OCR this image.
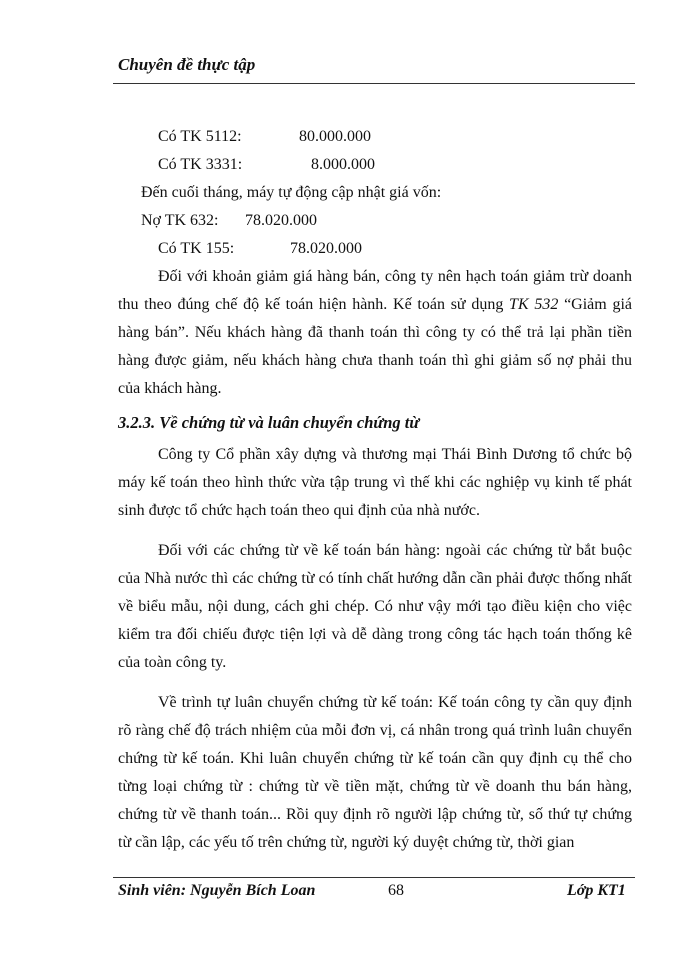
Chuyên đề thực tập
Có TK 5112:	80.000.000
Có TK 3331:	8.000.000
Đến cuối tháng, máy tự động cập nhật giá vốn:
Nợ TK 632: 78.020.000
Có TK 155:	78.020.000

Đối với khoản giảm giá hàng bán, công ty nên hạch toán giảm trừ doanh thu theo đúng chế độ kế toán hiện hành. Kế toán sử dụng TK 532 “Giảm giá hàng bán”. Nếu khách hàng đã thanh toán thì công ty có thể trả lại phần tiền hàng được giảm, nếu khách hàng chưa thanh toán thì ghi giảm số nợ phải thu của khách hàng.

3.2.3. Về chứng từ và luân chuyển chứng từ

Công ty Cổ phần xây dựng và thương mại Thái Bình Dương tổ chức bộ máy kế toán theo hình thức vừa tập trung vì thế khi các nghiệp vụ kinh tế phát sinh được tổ chức hạch toán theo qui định của nhà nước.

Đối với các chứng từ về kế toán bán hàng: ngoài các chứng từ bắt buộc của Nhà nước thì các chứng từ có tính chất hướng dẫn cần phải được thống nhất về biểu mẫu, nội dung, cách ghi chép. Có như vậy mới tạo điều kiện cho việc kiểm tra đối chiếu được tiện lợi và dễ dàng trong công tác hạch toán thống kê của toàn công ty.

Về trình tự luân chuyển chứng từ kế toán: Kế toán công ty cần quy định rõ ràng chế độ trách nhiệm của mỗi đơn vị, cá nhân trong quá trình luân chuyển chứng từ kế toán. Khi luân chuyển chứng từ kế toán cần quy định cụ thể cho từng loại chứng từ : chứng từ về tiền mặt, chứng từ về doanh thu bán hàng, chứng từ về thanh toán... Rồi quy định rõ người lập chứng từ, số thứ tự chứng từ cần lập, các yếu tố trên chứng từ, người ký duyệt chứng từ, thời gian

Sinh viên: Nguyễn Bích Loan	68	Lớp KT1
